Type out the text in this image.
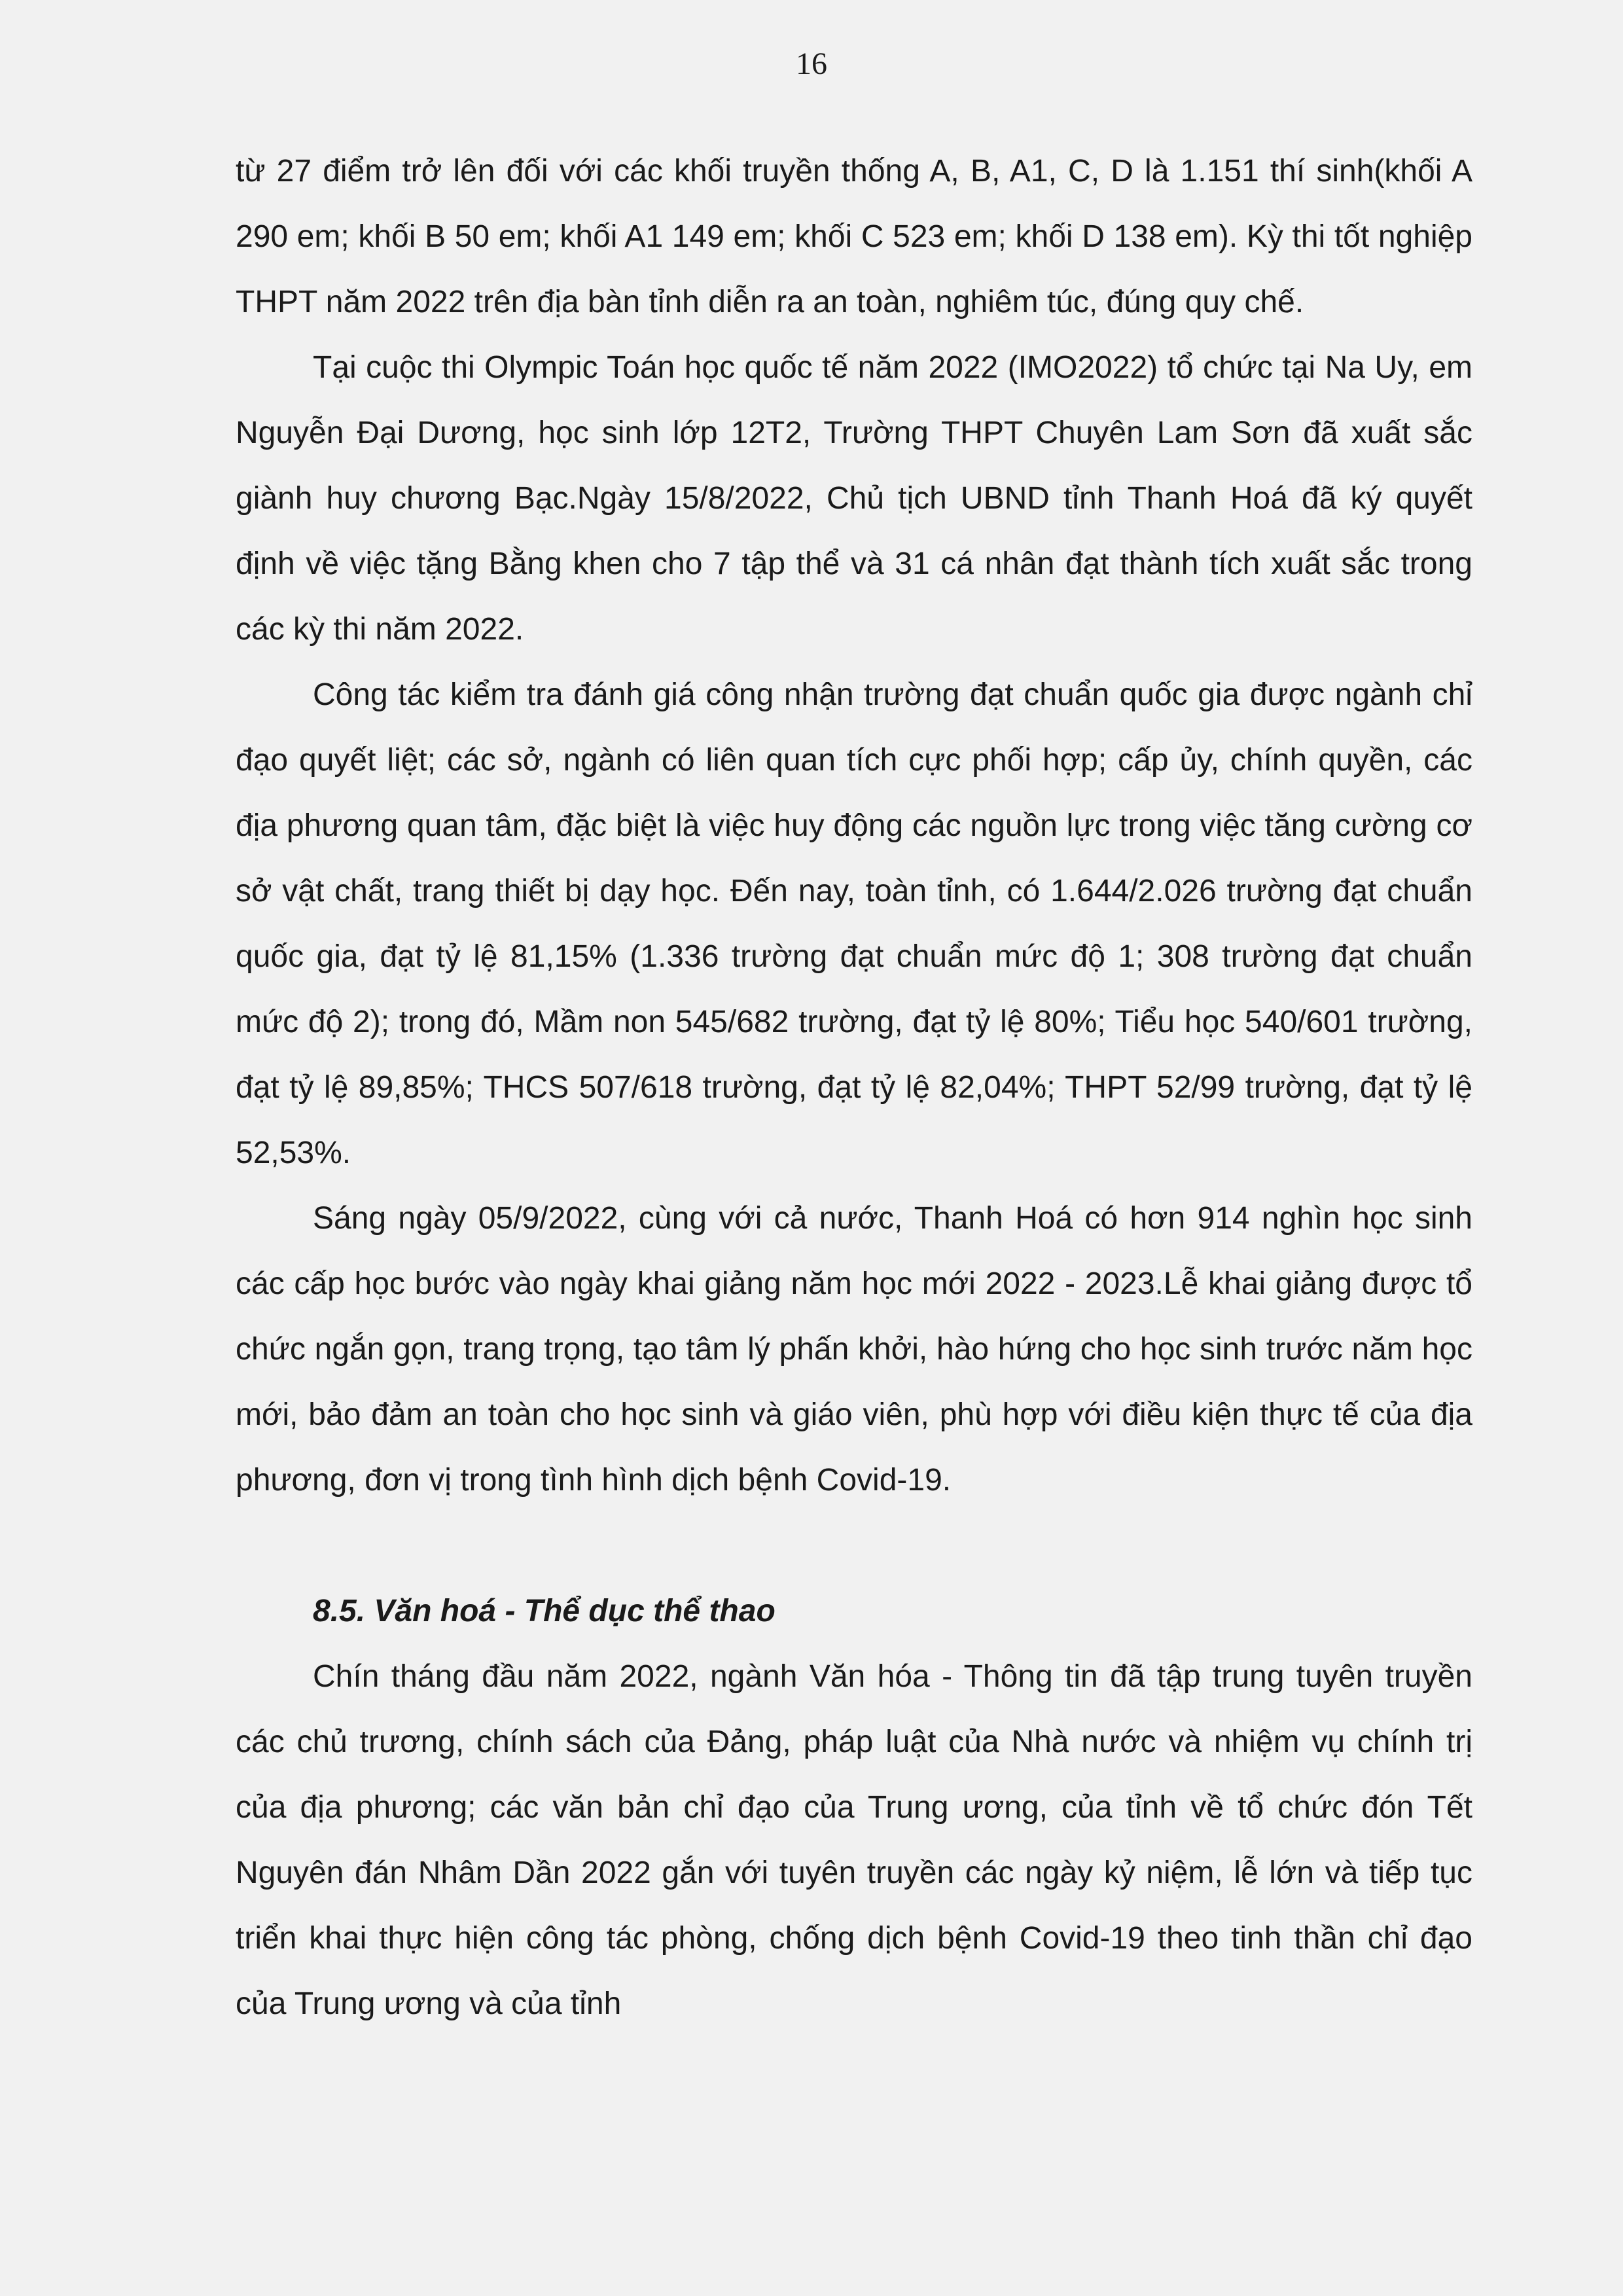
16

từ 27 điểm trở lên đối với các khối truyền thống A, B, A1, C, D là 1.151 thí sinh(khối A 290 em; khối B 50 em; khối A1 149 em; khối C 523 em; khối D 138 em). Kỳ thi tốt nghiệp THPT năm 2022 trên địa bàn tỉnh diễn ra an toàn, nghiêm túc, đúng quy chế.

Tại cuộc thi Olympic Toán học quốc tế năm 2022 (IMO2022) tổ chức tại Na Uy, em Nguyễn Đại Dương, học sinh lớp 12T2, Trường THPT Chuyên Lam Sơn đã xuất sắc giành huy chương Bạc.Ngày 15/8/2022, Chủ tịch UBND tỉnh Thanh Hoá đã ký quyết định về việc tặng Bằng khen cho 7 tập thể và 31 cá nhân đạt thành tích xuất sắc trong các kỳ thi năm 2022.

Công tác kiểm tra đánh giá công nhận trường đạt chuẩn quốc gia được ngành chỉ đạo quyết liệt; các sở, ngành có liên quan tích cực phối hợp; cấp ủy, chính quyền, các địa phương quan tâm, đặc biệt là việc huy động các nguồn lực trong việc tăng cường cơ sở vật chất, trang thiết bị dạy học. Đến nay, toàn tỉnh, có 1.644/2.026 trường đạt chuẩn quốc gia, đạt tỷ lệ 81,15% (1.336 trường đạt chuẩn mức độ 1; 308 trường đạt chuẩn mức độ 2); trong đó, Mầm non 545/682 trường, đạt tỷ lệ 80%; Tiểu học 540/601 trường, đạt tỷ lệ 89,85%; THCS 507/618 trường, đạt tỷ lệ 82,04%; THPT 52/99 trường, đạt tỷ lệ 52,53%.

Sáng ngày 05/9/2022, cùng với cả nước, Thanh Hoá có hơn 914 nghìn học sinh các cấp học bước vào ngày khai giảng năm học mới 2022 - 2023.Lễ khai giảng được tổ chức ngắn gọn, trang trọng, tạo tâm lý phấn khởi, hào hứng cho học sinh trước năm học mới, bảo đảm an toàn cho học sinh và giáo viên, phù hợp với điều kiện thực tế của địa phương, đơn vị trong tình hình dịch bệnh Covid-19.

8.5. Văn hoá - Thể dục thể thao

Chín tháng đầu năm 2022, ngành Văn hóa - Thông tin đã tập trung tuyên truyền các chủ trương, chính sách của Đảng, pháp luật của Nhà nước và nhiệm vụ chính trị của địa phương; các văn bản chỉ đạo của Trung ương, của tỉnh về tổ chức đón Tết Nguyên đán Nhâm Dần 2022 gắn với tuyên truyền các ngày kỷ niệm, lễ lớn và tiếp tục triển khai thực hiện công tác phòng, chống dịch bệnh Covid-19 theo tinh thần chỉ đạo của Trung ương và của tỉnh
